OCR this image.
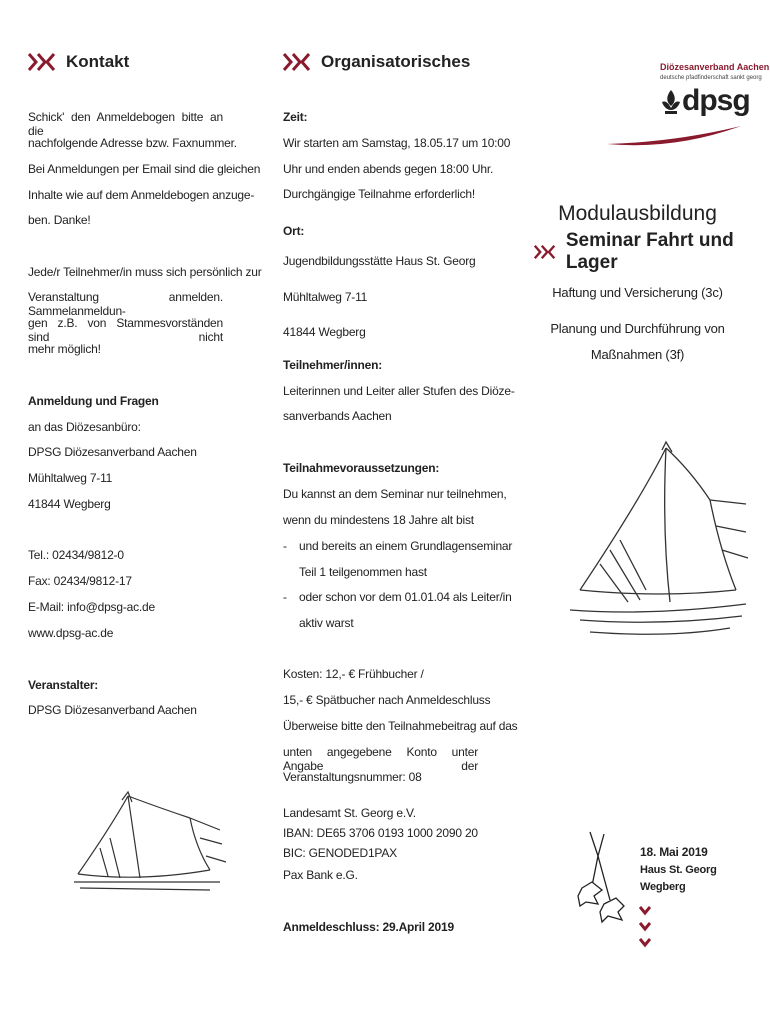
Kontakt
Schick' den Anmeldebogen bitte an die
nachfolgende Adresse bzw. Faxnummer.
Bei Anmeldungen per Email sind die gleichen
Inhalte wie auf dem Anmeldebogen anzuge-
ben. Danke!
Jede/r Teilnehmer/in muss sich persönlich zur
Veranstaltung anmelden. Sammelanmeldun-
gen z.B. von Stammesvorständen sind nicht
mehr möglich!
Anmeldung und Fragen
an das Diözesanbüro:
DPSG Diözesanverband Aachen
Mühltalweg 7-11
41844 Wegberg
Tel.: 02434/9812-0
Fax: 02434/9812-17
E-Mail: info@dpsg-ac.de
www.dpsg-ac.de
Veranstalter:
DPSG Diözesanverband Aachen
Organisatorisches
Zeit:
Wir starten am Samstag, 18.05.17 um 10:00
Uhr und enden abends gegen 18:00 Uhr.
Durchgängige Teilnahme erforderlich!
Ort:
Jugendbildungsstätte Haus St. Georg
Mühltalweg 7-11
41844 Wegberg
Teilnehmer/innen:
Leiterinnen und Leiter aller Stufen des Diöze-
sanverbands Aachen
Teilnahmevoraussetzungen:
Du kannst an dem Seminar nur teilnehmen,
wenn du mindestens 18 Jahre alt bist
- und bereits an einem Grundlagenseminar
Teil 1 teilgenommen hast
- oder schon vor dem 01.01.04 als Leiter/in
aktiv warst
Kosten: 12,- € Frühbucher /
15,- € Spätbucher nach Anmeldeschluss
Überweise bitte den Teilnahmebeitrag auf das
unten angegebene Konto unter Angabe der
Veranstaltungsnummer: 08
Landesamt St. Georg e.V.
IBAN: DE65 3706 0193 1000 2090 20
BIC: GENODED1PAX
Pax Bank e.G.
Anmeldeschluss: 29.April 2019
Diözesanverband Aachen
deutsche pfadfinderschaft sankt georg
dpsg
Modulausbildung
Seminar Fahrt und Lager
Haftung und Versicherung (3c)
Planung und Durchführung von
Maßnahmen (3f)
18. Mai 2019
Haus St. Georg
Wegberg
